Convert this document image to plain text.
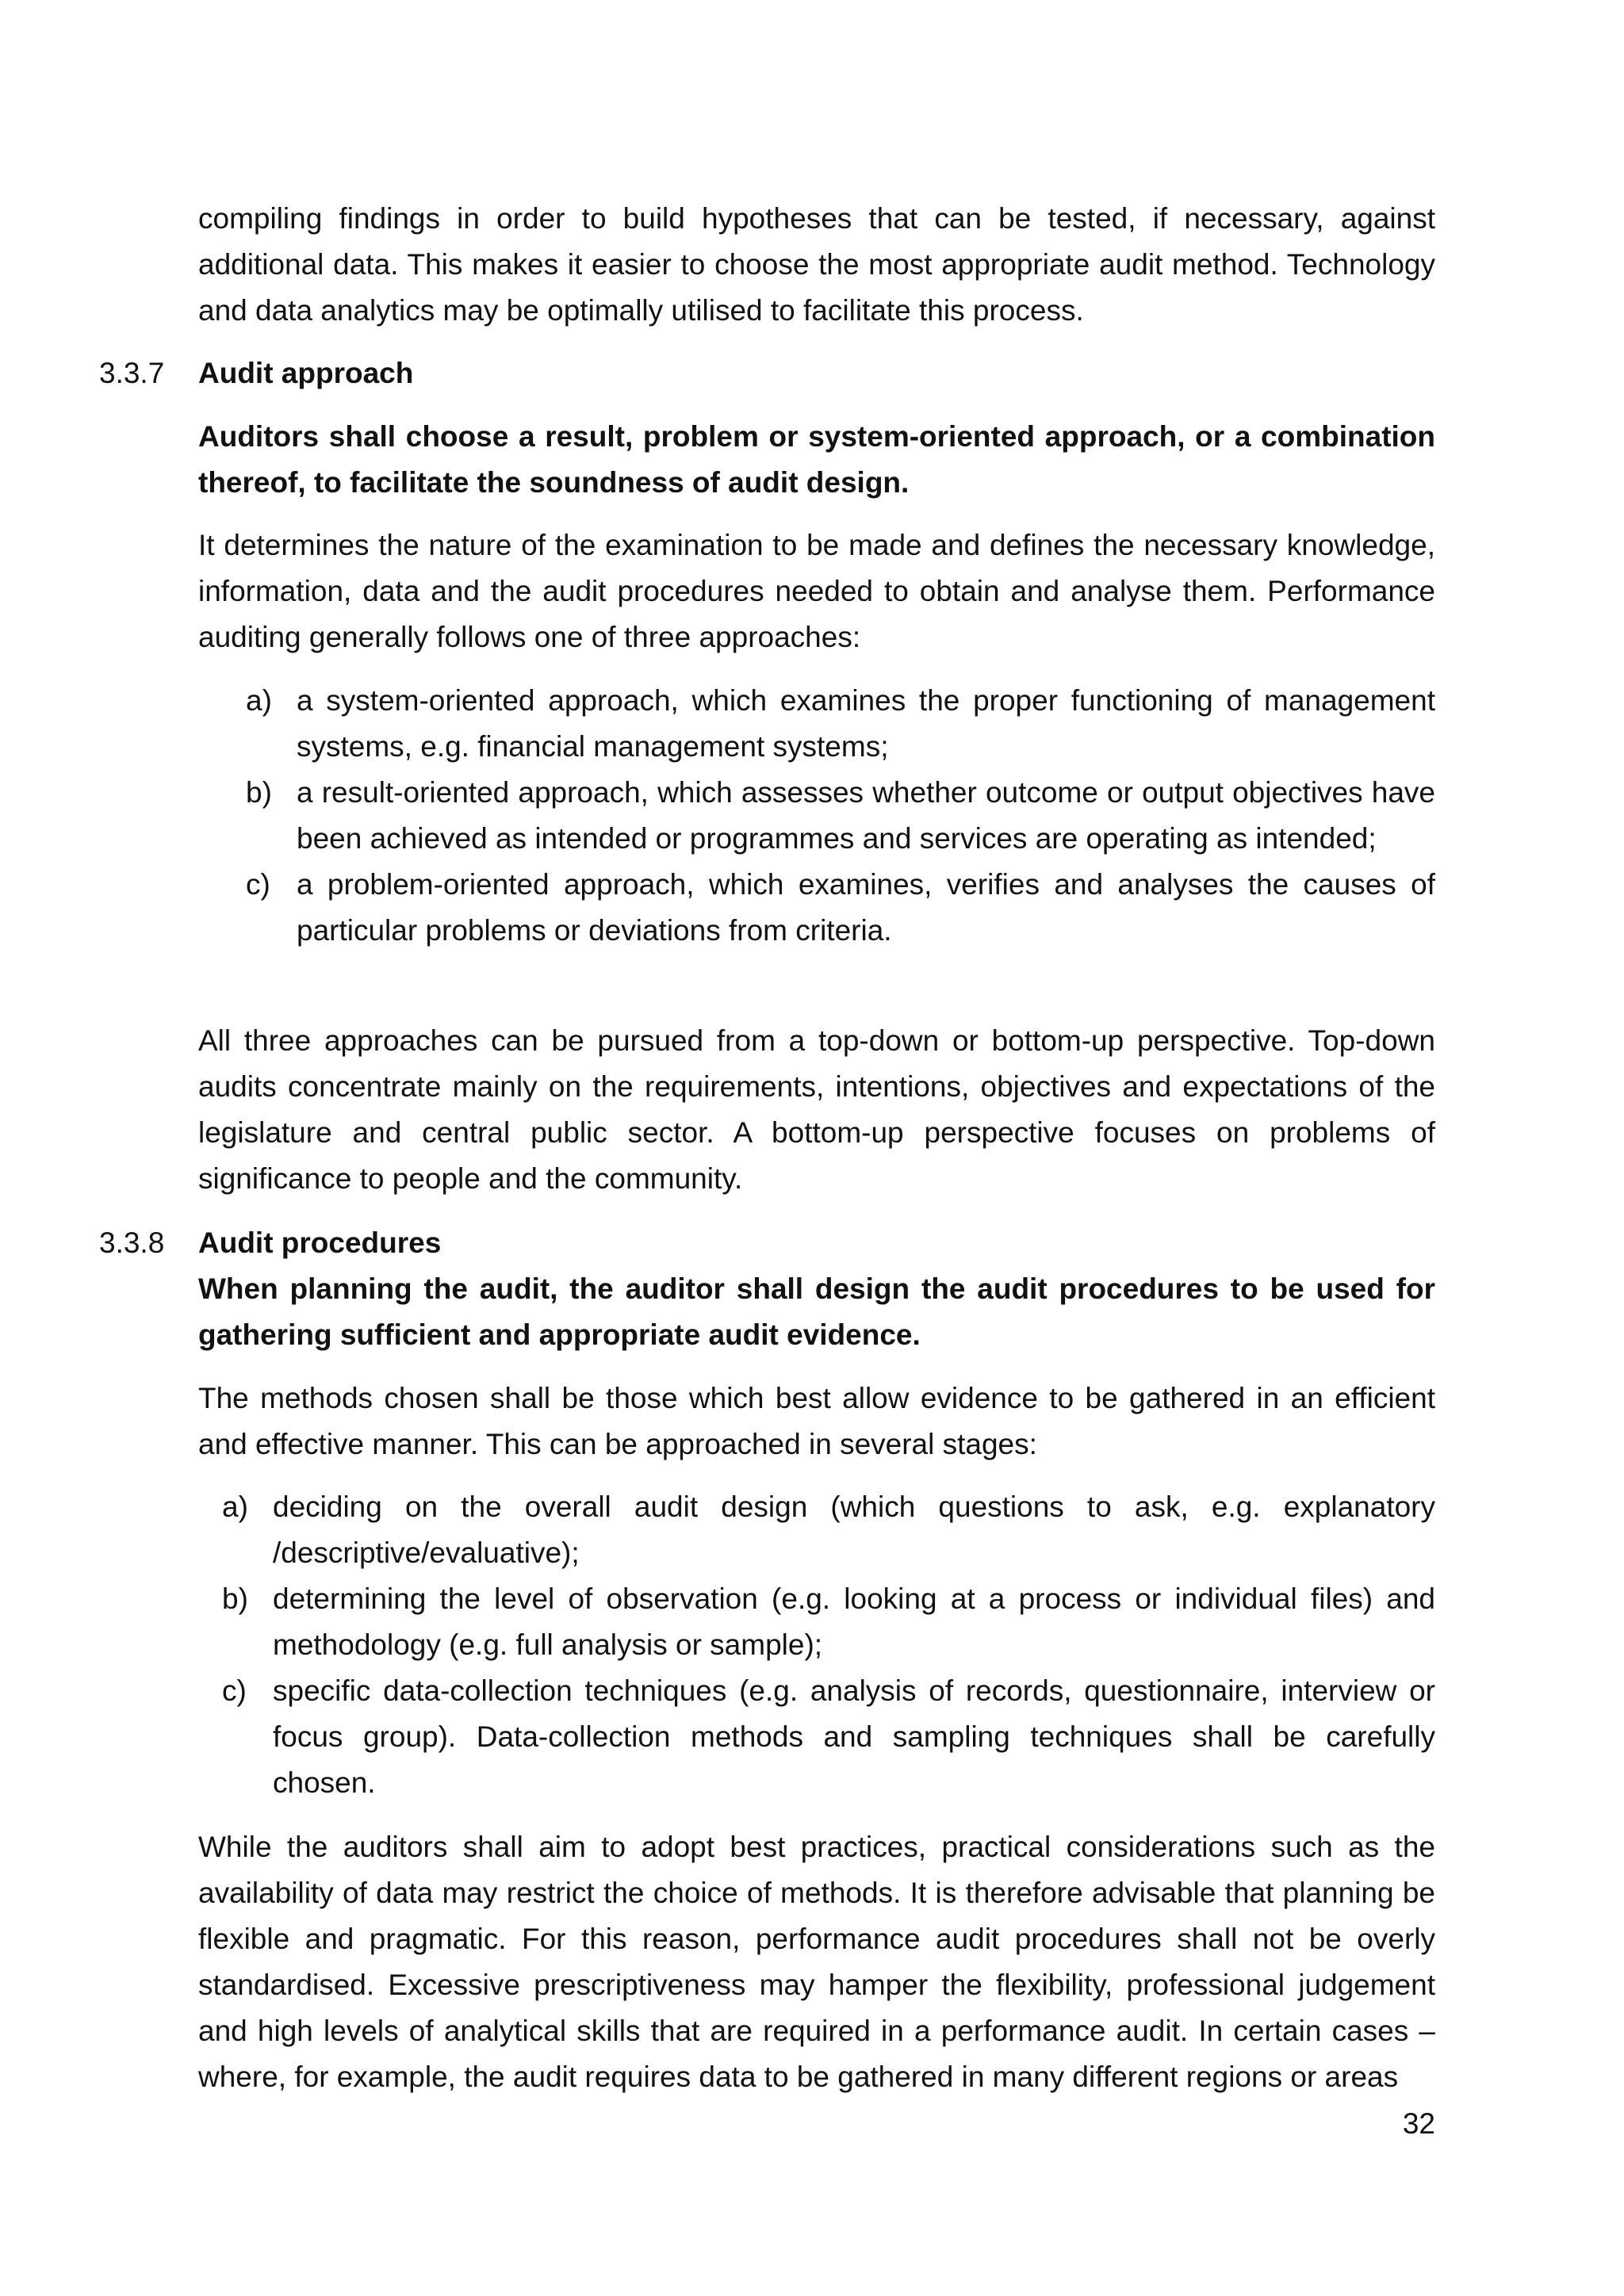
compiling findings in order to build hypotheses that can be tested, if necessary, against additional data. This makes it easier to choose the most appropriate audit method. Technology and data analytics may be optimally utilised to facilitate this process.

3.3.7 Audit approach

Auditors shall choose a result, problem or system-oriented approach, or a combination thereof, to facilitate the soundness of audit design.

It determines the nature of the examination to be made and defines the necessary knowledge, information, data and the audit procedures needed to obtain and analyse them. Performance auditing generally follows one of three approaches:

a) a system-oriented approach, which examines the proper functioning of management systems, e.g. financial management systems;
b) a result-oriented approach, which assesses whether outcome or output objectives have been achieved as intended or programmes and services are operating as intended;
c) a problem-oriented approach, which examines, verifies and analyses the causes of particular problems or deviations from criteria.

All three approaches can be pursued from a top-down or bottom-up perspective. Top-down audits concentrate mainly on the requirements, intentions, objectives and expectations of the legislature and central public sector. A bottom-up perspective focuses on problems of significance to people and the community.

3.3.8 Audit procedures

When planning the audit, the auditor shall design the audit procedures to be used for gathering sufficient and appropriate audit evidence.

The methods chosen shall be those which best allow evidence to be gathered in an efficient and effective manner. This can be approached in several stages:

a) deciding on the overall audit design (which questions to ask, e.g. explanatory /descriptive/evaluative);
b) determining the level of observation (e.g. looking at a process or individual files) and methodology (e.g. full analysis or sample);
c) specific data-collection techniques (e.g. analysis of records, questionnaire, interview or focus group). Data-collection methods and sampling techniques shall be carefully chosen.

While the auditors shall aim to adopt best practices, practical considerations such as the availability of data may restrict the choice of methods. It is therefore advisable that planning be flexible and pragmatic. For this reason, performance audit procedures shall not be overly standardised. Excessive prescriptiveness may hamper the flexibility, professional judgement and high levels of analytical skills that are required in a performance audit. In certain cases – where, for example, the audit requires data to be gathered in many different regions or areas

32
